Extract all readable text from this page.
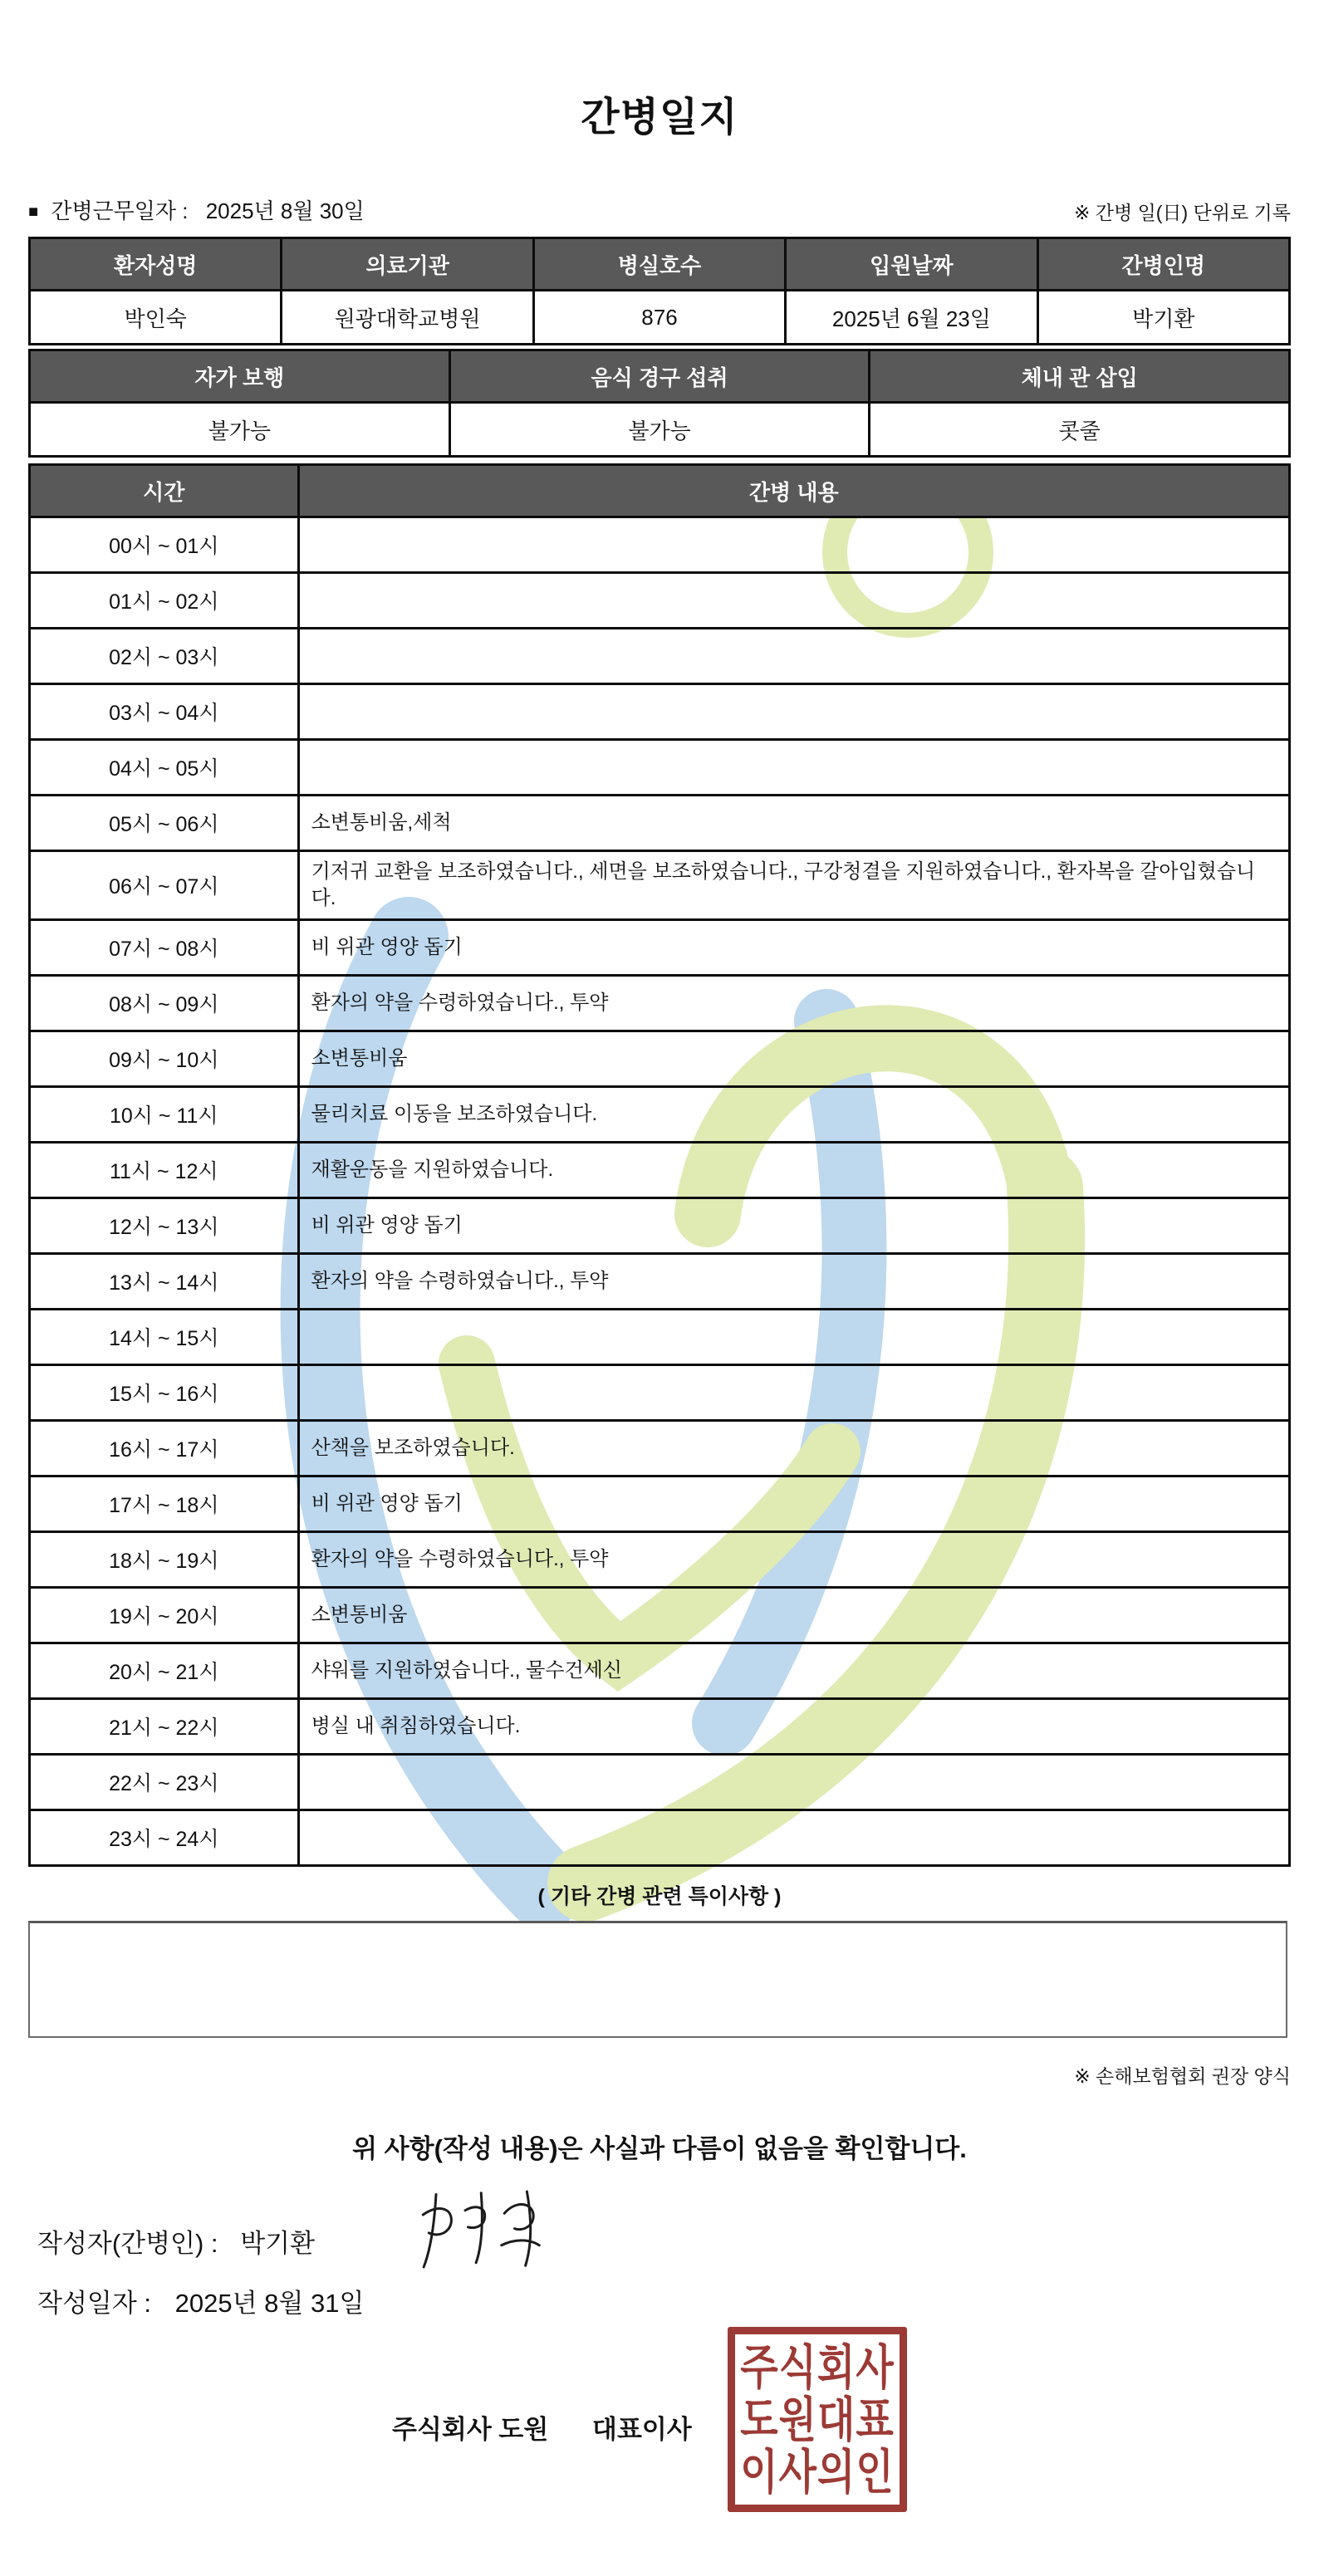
간병일지
■ 간병근무일자 : 2025년 8월 30일	※ 간병 일(日) 단위로 기록
환자성명	의료기관	병실호수	입원날짜	간병인명
박인숙	원광대학교병원	876	2025년 6월 23일	박기환
자가 보행	음식 경구 섭취	체내 관 삽입
불가능	불가능	콧줄
시간	간병 내용
00시 ~ 01시	
01시 ~ 02시	
02시 ~ 03시	
03시 ~ 04시	
04시 ~ 05시	
05시 ~ 06시	소변통비움,세척
06시 ~ 07시	기저귀 교환을 보조하였습니다., 세면을 보조하였습니다., 구강청결을 지원하였습니다., 환자복을 갈아입혔습니다.
07시 ~ 08시	비 위관 영양 돕기
08시 ~ 09시	환자의 약을 수령하였습니다., 투약
09시 ~ 10시	소변통비움
10시 ~ 11시	물리치료 이동을 보조하였습니다.
11시 ~ 12시	재활운동을 지원하였습니다.
12시 ~ 13시	비 위관 영양 돕기
13시 ~ 14시	환자의 약을 수령하였습니다., 투약
14시 ~ 15시	
15시 ~ 16시	
16시 ~ 17시	산책을 보조하였습니다.
17시 ~ 18시	비 위관 영양 돕기
18시 ~ 19시	환자의 약을 수령하였습니다., 투약
19시 ~ 20시	소변통비움
20시 ~ 21시	샤워를 지원하였습니다., 물수건세신
21시 ~ 22시	병실 내 취침하였습니다.
22시 ~ 23시	
23시 ~ 24시	
( 기타 간병 관련 특이사항 )
※ 손해보험협회 권장 양식
위 사항(작성 내용)은 사실과 다름이 없음을 확인합니다.
작성자(간병인) : 박기환
작성일자 : 2025년 8월 31일
주식회사 도원 대표이사
주식회사
도원대표
이사의인
